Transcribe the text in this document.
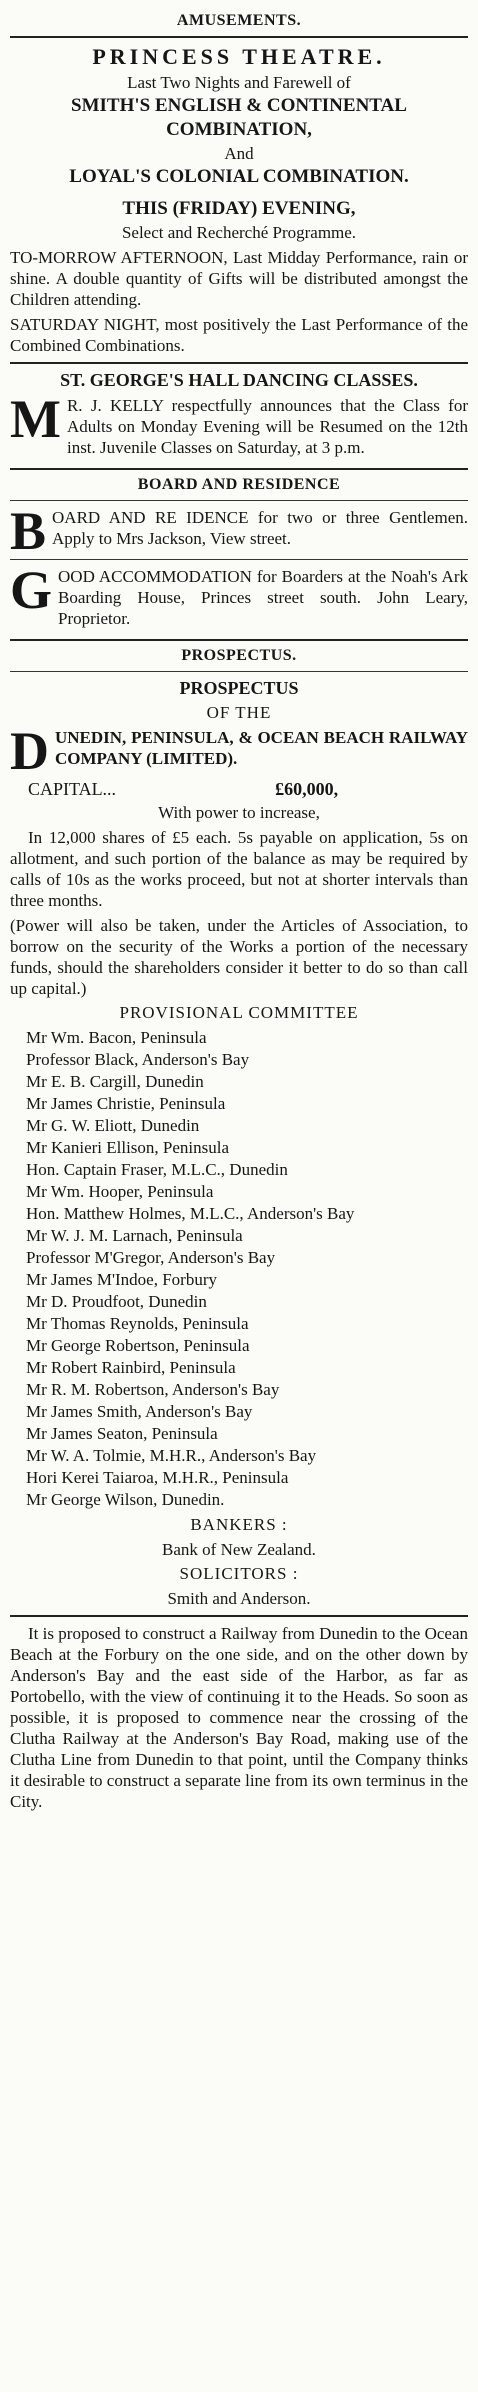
AMUSEMENTS.
PRINCESS THEATRE.

Last Two Nights and Farewell of

SMITH'S ENGLISH & CONTINENTAL
COMBINATION,

And

LOYAL'S COLONIAL COMBINATION.
THIS (FRIDAY) EVENING,

Select and Recherché Programme.

TO-MORROW AFTERNOON, Last Midday Performance, rain or shine. A double quantity of Gifts will be distributed amongst the Children attending.

SATURDAY NIGHT, most positively the Last Performance of the Combined Combinations.

ST. GEORGE'S HALL DANCING CLASSES.
M R. J. KELLY respectfully announces that the Class for Adults on Monday Evening will be Resumed on the 12th inst. Juvenile Classes on Saturday, at 3 p.m.

BOARD AND RESIDENCE
B OARD AND RE IDENCE for two or three Gentlemen. Apply to Mrs Jackson, View street.

G OOD ACCOMMODATION for Boarders at the Noah's Ark Boarding House, Princes street south. John Leary, Proprietor.

PROSPECTUS.
PROSPECTUS
OF THE
D UNEDIN, PENINSULA, & OCEAN BEACH RAILWAY COMPANY (LIMITED).

CAPITAL...	£60,000,

With power to increase,

In 12,000 shares of £5 each. 5s payable on application, 5s on allotment, and such portion of the balance as may be required by calls of 10s as the works proceed, but not at shorter intervals than three months.

(Power will also be taken, under the Articles of Association, to borrow on the security of the Works a portion of the necessary funds, should the shareholders consider it better to do so than call up capital.)

PROVISIONAL COMMITTEE
Mr Wm. Bacon, Peninsula
Professor Black, Anderson's Bay
Mr E. B. Cargill, Dunedin
Mr James Christie, Peninsula
Mr G. W. Eliott, Dunedin
Mr Kanieri Ellison, Peninsula
Hon. Captain Fraser, M.L.C., Dunedin
Mr Wm. Hooper, Peninsula
Hon. Matthew Holmes, M.L.C., Anderson's Bay
Mr W. J. M. Larnach, Peninsula
Professor M'Gregor, Anderson's Bay
Mr James M'Indoe, Forbury
Mr D. Proudfoot, Dunedin
Mr Thomas Reynolds, Peninsula
Mr George Robertson, Peninsula
Mr Robert Rainbird, Peninsula
Mr R. M. Robertson, Anderson's Bay
Mr James Smith, Anderson's Bay
Mr James Seaton, Peninsula
Mr W. A. Tolmie, M.H.R., Anderson's Bay
Hori Kerei Taiaroa, M.H.R., Peninsula
Mr George Wilson, Dunedin.
BANKERS :

Bank of New Zealand.

SOLICITORS :

Smith and Anderson.

It is proposed to construct a Railway from Dunedin to the Ocean Beach at the Forbury on the one side, and on the other down by Anderson's Bay and the east side of the Harbor, as far as Portobello, with the view of continuing it to the Heads. So soon as possible, it is proposed to commence near the crossing of the Clutha Railway at the Anderson's Bay Road, making use of the Clutha Line from Dunedin to that point, until the Company thinks it desirable to construct a separate line from its own terminus in the City.
